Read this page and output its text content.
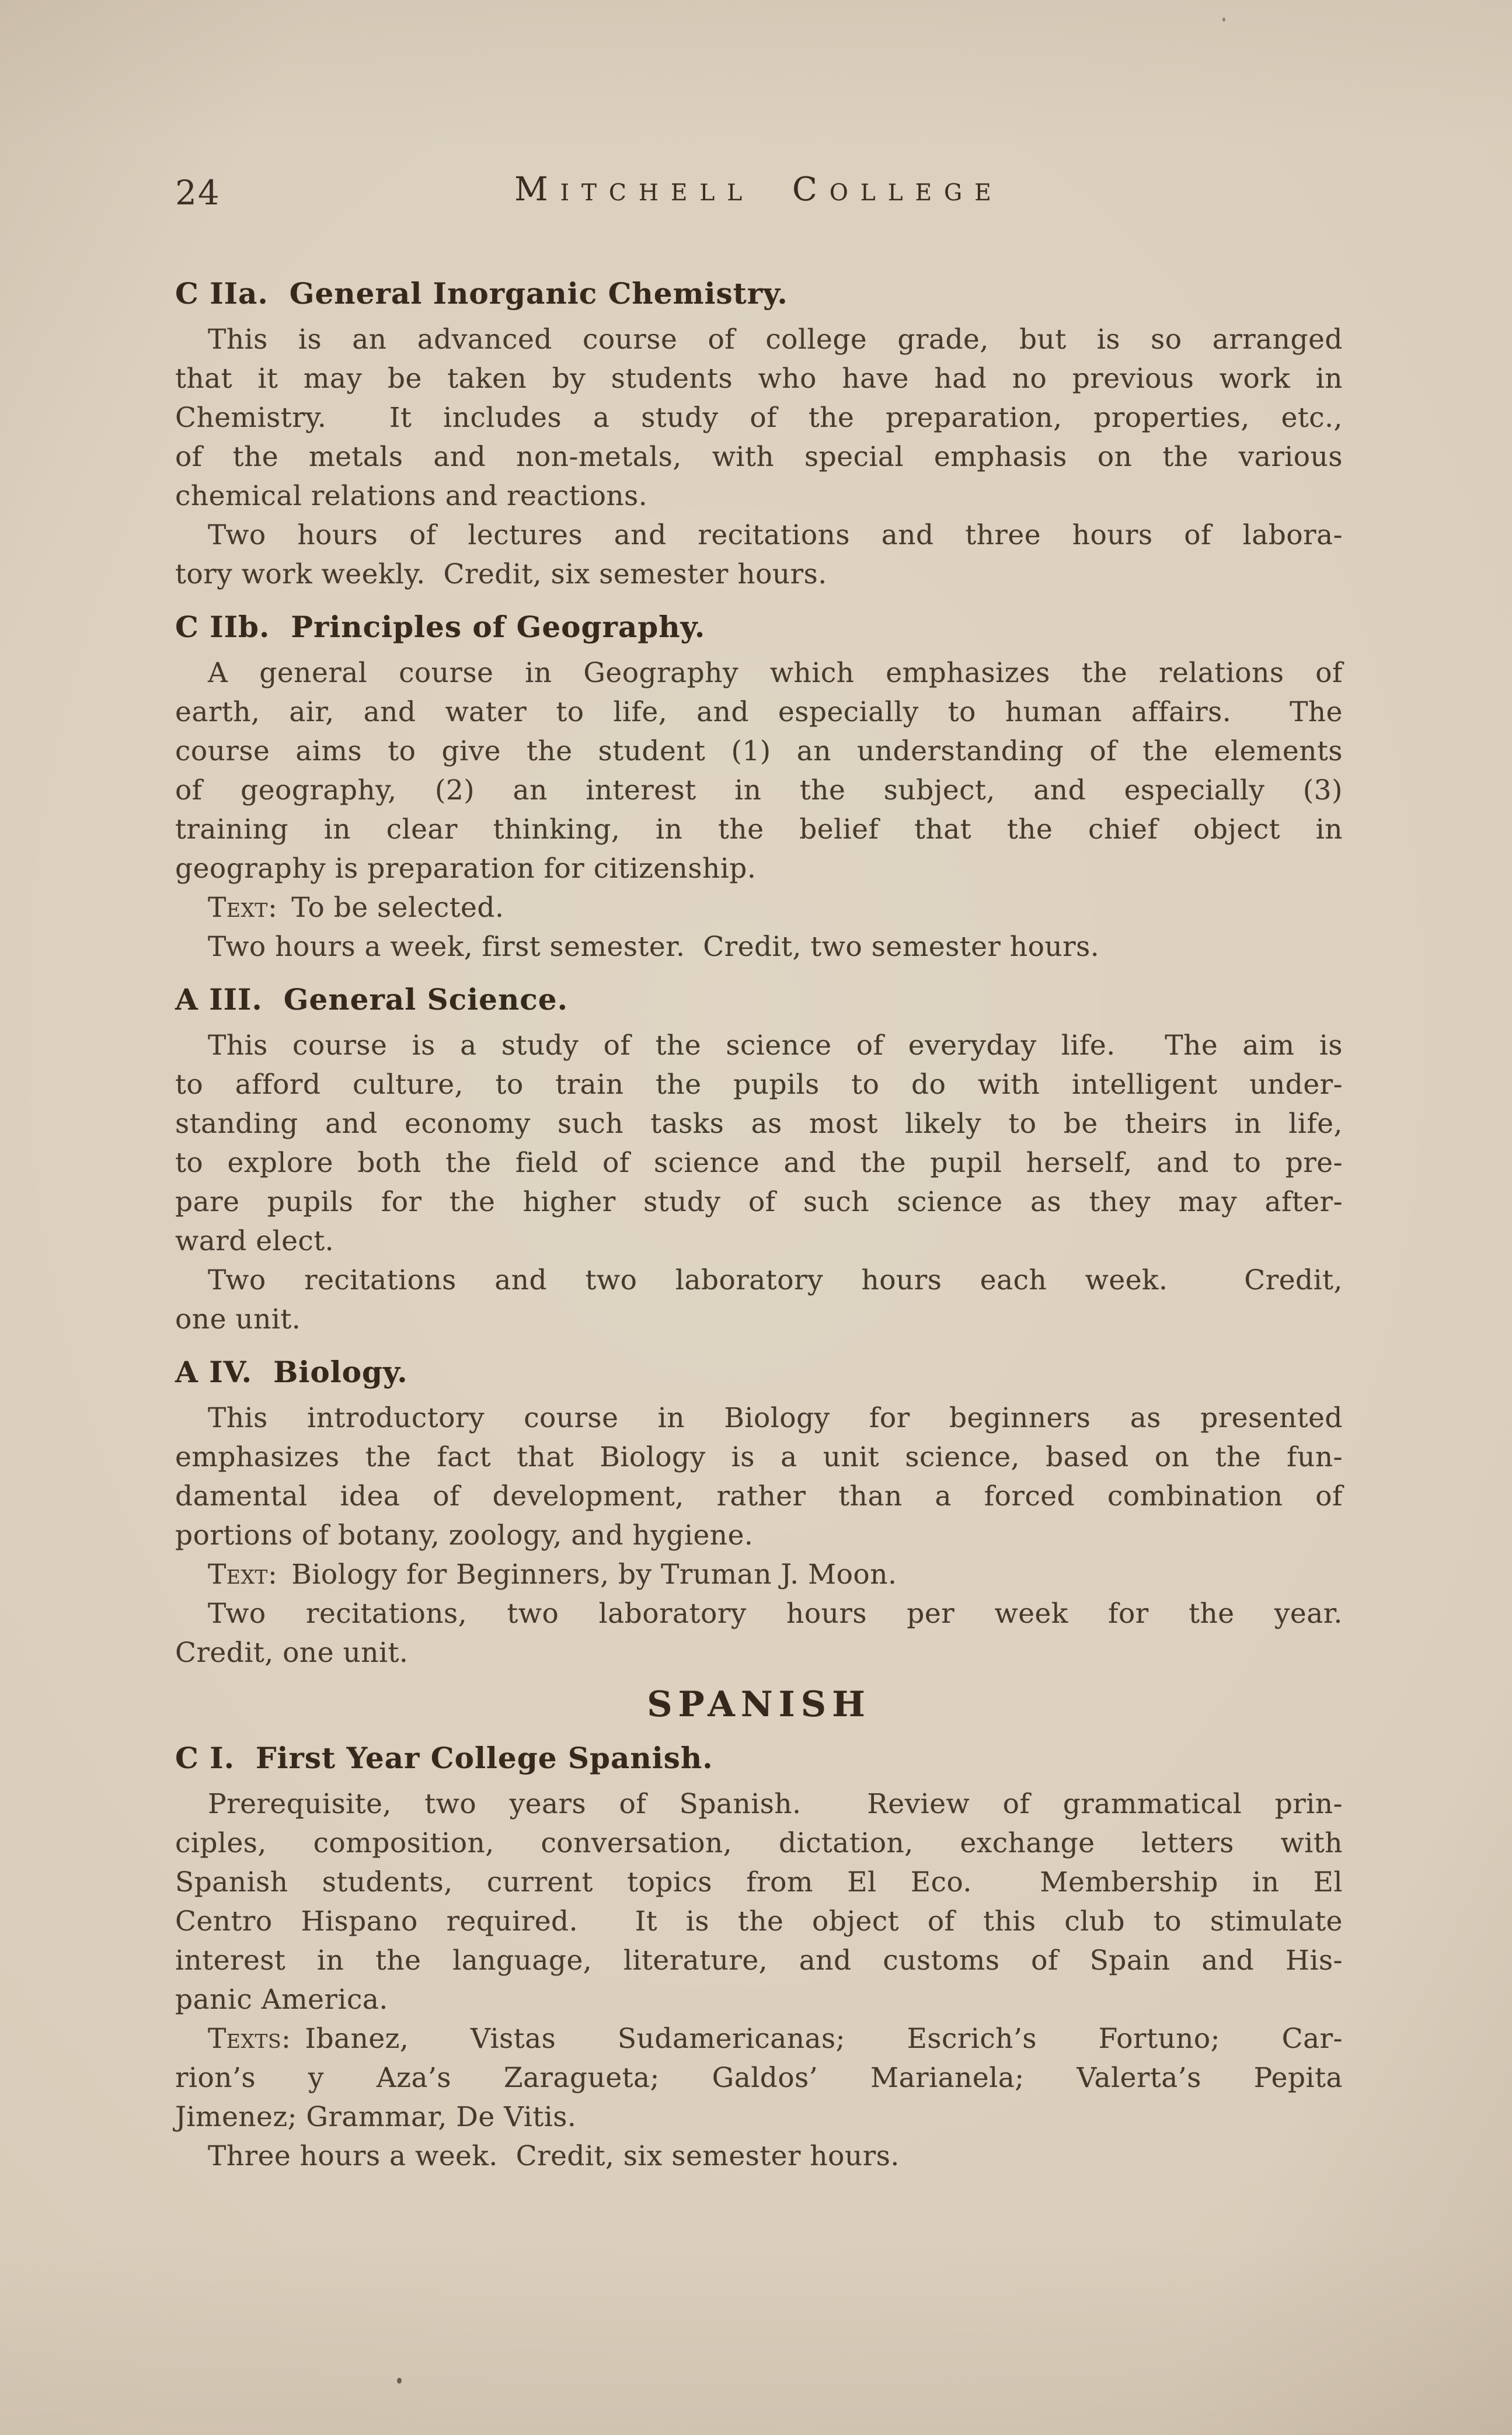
24	Mitchell College
C IIa. General Inorganic Chemistry.

This is an advanced course of college grade, but is so arranged
that it may be taken by students who have had no previous work in
Chemistry.  It includes a study of the preparation, properties, etc.,
of the metals and non-metals, with special emphasis on the various
chemical relations and reactions.

Two hours of lectures and recitations and three hours of labora-
tory work weekly.  Credit, six semester hours.

C IIb. Principles of Geography.

A general course in Geography which emphasizes the relations of
earth, air, and water to life, and especially to human affairs.  The
course aims to give the student (1) an understanding of the elements
of geography, (2) an interest in the subject, and especially (3)
training in clear thinking, in the belief that the chief object in
geography is preparation for citizenship.

Text: To be selected.

Two hours a week, first semester.  Credit, two semester hours.

A III. General Science.

This course is a study of the science of everyday life.  The aim is
to afford culture, to train the pupils to do with intelligent under-
standing and economy such tasks as most likely to be theirs in life,
to explore both the field of science and the pupil herself, and to pre-
pare pupils for the higher study of such science as they may after-
ward elect.

Two recitations and two laboratory hours each week.  Credit,
one unit.

A IV. Biology.

This introductory course in Biology for beginners as presented
emphasizes the fact that Biology is a unit science, based on the fun-
damental idea of development, rather than a forced combination of
portions of botany, zoology, and hygiene.

Text: Biology for Beginners, by Truman J. Moon.

Two recitations, two laboratory hours per week for the year.
Credit, one unit.

SPANISH
C I. First Year College Spanish.

Prerequisite, two years of Spanish.  Review of grammatical prin-
ciples, composition, conversation, dictation, exchange letters with
Spanish students, current topics from El Eco.  Membership in El
Centro Hispano required.  It is the object of this club to stimulate
interest in the language, literature, and customs of Spain and His-
panic America.

Texts: Ibanez, Vistas Sudamericanas; Escrich’s Fortuno; Car-
rion’s y Aza’s Zaragueta; Galdos’ Marianela; Valerta’s Pepita
Jimenez; Grammar, De Vitis.

Three hours a week.  Credit, six semester hours.
